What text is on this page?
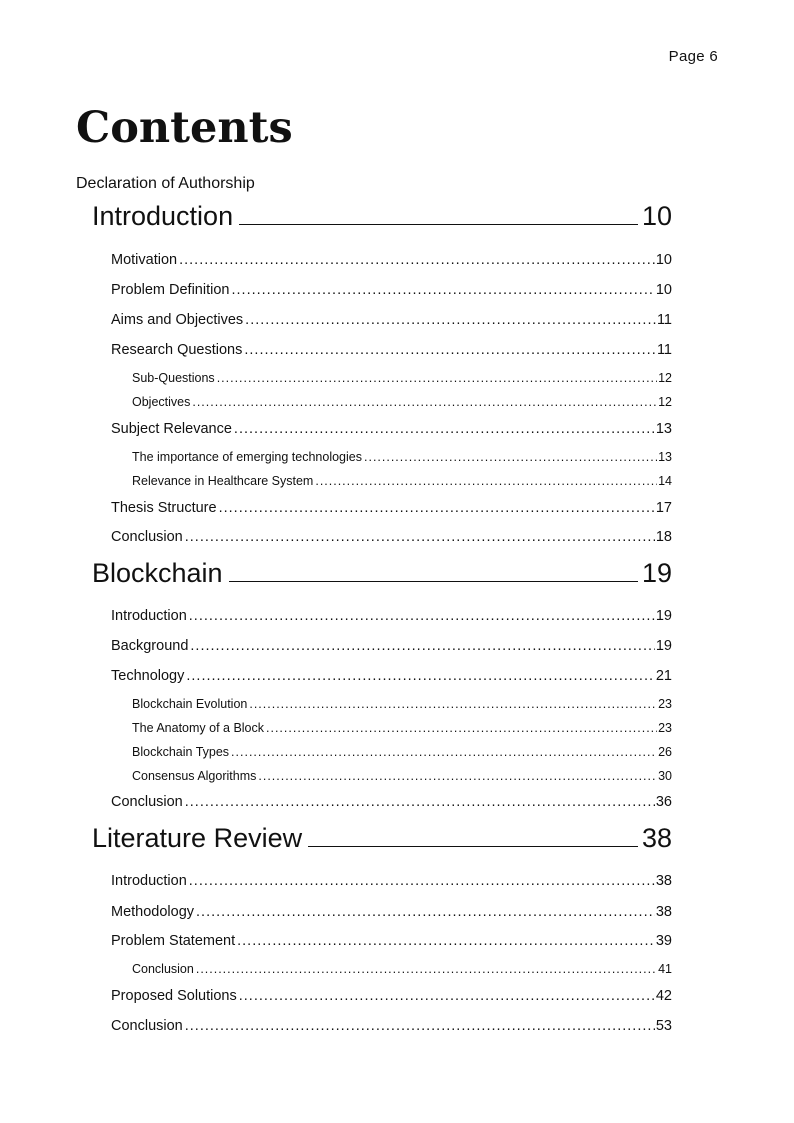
Page 6
Contents
Declaration of Authorship
Introduction	10
Motivation .....	10
Problem Definition .....	10
Aims and Objectives .....	11
Research Questions .....	11
Sub-Questions .....	12
Objectives .....	12
Subject Relevance .....	13
The importance of emerging technologies .....	13
Relevance in Healthcare System .....	14
Thesis Structure .....	17
Conclusion .....	18
Blockchain	19
Introduction .....	19
Background .....	19
Technology .....	21
Blockchain Evolution .....	23
The Anatomy of a Block .....	23
Blockchain Types .....	26
Consensus Algorithms .....	30
Conclusion .....	36
Literature Review	38
Introduction .....	38
Methodology .....	38
Problem Statement .....	39
Conclusion .....	41
Proposed Solutions .....	42
Conclusion .....	53
